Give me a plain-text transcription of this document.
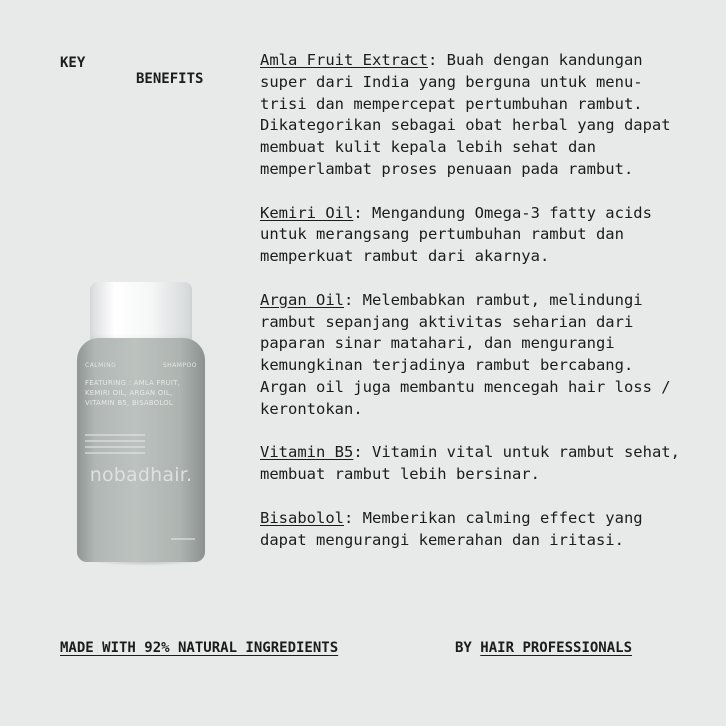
KEY
BENEFITS

Amla Fruit Extract: Buah dengan kandungan super dari India yang berguna untuk menu-trisi dan mempercepat pertumbuhan rambut. Dikategorikan sebagai obat herbal yang dapat membuat kulit kepala lebih sehat dan memperlambat proses penuaan pada rambut.

Kemiri Oil: Mengandung Omega-3 fatty acids untuk merangsang pertumbuhan rambut dan memperkuat rambut dari akarnya.

Argan Oil: Melembabkan rambut, melindungi rambut sepanjang aktivitas seharian dari paparan sinar matahari, dan mengurangi kemungkinan terjadinya rambut bercabang. Argan oil juga membantu mencegah hair loss / kerontokan.

Vitamin B5: Vitamin vital untuk rambut sehat, membuat rambut lebih bersinar.

Bisabolol: Memberikan calming effect yang dapat mengurangi kemerahan dan iritasi.

CALMING	SHAMPOO
FEATURING : AMLA FRUIT, KEMIRI OIL, ARGAN OIL, VITAMIN B5, BISABOLOL
nobadhair.
MADE WITH 92% NATURAL INGREDIENTS	BY HAIR PROFESSIONALS
